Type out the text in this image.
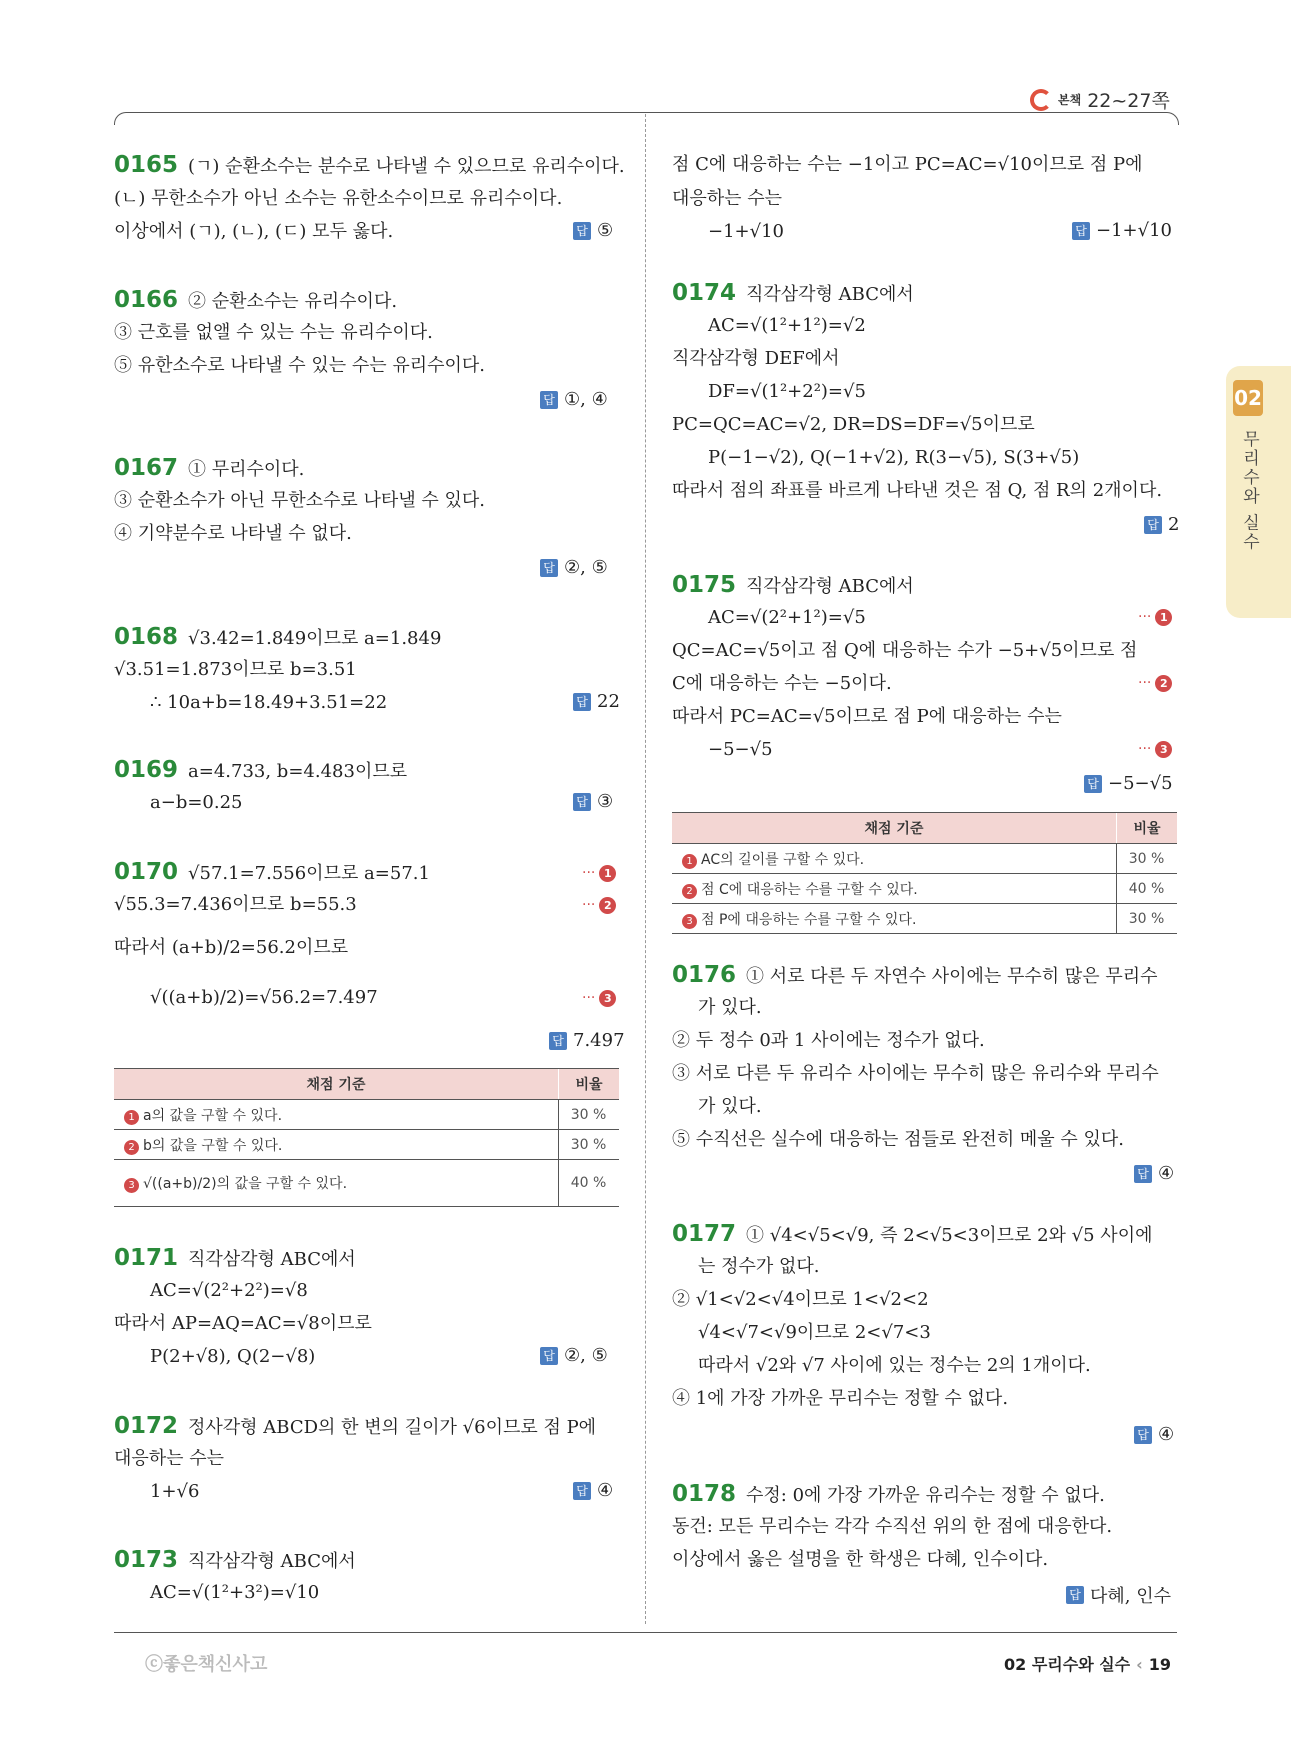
본책 22~27쪽
02
무리수와 실수
0165 (ㄱ) 순환소수는 분수로 나타낼 수 있으므로 유리수이다.
(ㄴ) 무한소수가 아닌 소수는 유한소수이므로 유리수이다.
이상에서 (ㄱ), (ㄴ), (ㄷ) 모두 옳다.	답 ⑤
0166 ② 순환소수는 유리수이다.
③ 근호를 없앨 수 있는 수는 유리수이다.
⑤ 유한소수로 나타낼 수 있는 수는 유리수이다.
답 ①, ④
0167 ① 무리수이다.
③ 순환소수가 아닌 무한소수로 나타낼 수 있다.
④ 기약분수로 나타낼 수 없다.
답 ②, ⑤
0168 √3.42=1.849이므로 a=1.849
√3.51=1.873이므로 b=3.51
∴ 10a+b=18.49+3.51=22	답 22
0169 a=4.733, b=4.483이므로
a−b=0.25	답 ③
0170 √57.1=7.556이므로 a=57.1	··· 1
√55.3=7.436이므로 b=55.3	··· 2
따라서 (a+b)/2=56.2이므로
√((a+b)/2)=√56.2=7.497	··· 3
답 7.497
채점 기준	비율
1 a의 값을 구할 수 있다.	30 %
2 b의 값을 구할 수 있다.	30 %
3 √((a+b)/2)의 값을 구할 수 있다.	40 %
0171 직각삼각형 ABC에서
AC=√(2²+2²)=√8
따라서 AP=AQ=AC=√8이므로
P(2+√8), Q(2−√8)	답 ②, ⑤
0172 정사각형 ABCD의 한 변의 길이가 √6이므로 점 P에
대응하는 수는
1+√6	답 ④
0173 직각삼각형 ABC에서
AC=√(1²+3²)=√10
점 C에 대응하는 수는 −1이고 PC=AC=√10이므로 점 P에
대응하는 수는
−1+√10	답 −1+√10
0174 직각삼각형 ABC에서
AC=√(1²+1²)=√2
직각삼각형 DEF에서
DF=√(1²+2²)=√5
PC=QC=AC=√2, DR=DS=DF=√5이므로
P(−1−√2), Q(−1+√2), R(3−√5), S(3+√5)
따라서 점의 좌표를 바르게 나타낸 것은 점 Q, 점 R의 2개이다.
답 2
0175 직각삼각형 ABC에서
AC=√(2²+1²)=√5	··· 1
QC=AC=√5이고 점 Q에 대응하는 수가 −5+√5이므로 점
C에 대응하는 수는 −5이다.	··· 2
따라서 PC=AC=√5이므로 점 P에 대응하는 수는
−5−√5	··· 3
답 −5−√5
채점 기준	비율
1 AC의 길이를 구할 수 있다.	30 %
2 점 C에 대응하는 수를 구할 수 있다.	40 %
3 점 P에 대응하는 수를 구할 수 있다.	30 %
0176 ① 서로 다른 두 자연수 사이에는 무수히 많은 무리수
가 있다.
② 두 정수 0과 1 사이에는 정수가 없다.
③ 서로 다른 두 유리수 사이에는 무수히 많은 유리수와 무리수
가 있다.
⑤ 수직선은 실수에 대응하는 점들로 완전히 메울 수 있다.
답 ④
0177 ① √4<√5<√9, 즉 2<√5<3이므로 2와 √5 사이에
는 정수가 없다.
② √1<√2<√4이므로 1<√2<2
√4<√7<√9이므로 2<√7<3
따라서 √2와 √7 사이에 있는 정수는 2의 1개이다.
④ 1에 가장 가까운 무리수는 정할 수 없다.
답 ④
0178 수정: 0에 가장 가까운 유리수는 정할 수 없다.
동건: 모든 무리수는 각각 수직선 위의 한 점에 대응한다.
이상에서 옳은 설명을 한 학생은 다혜, 인수이다.
답 다혜, 인수
ⓒ좋은책신사고	02 무리수와 실수 ‹ 19
